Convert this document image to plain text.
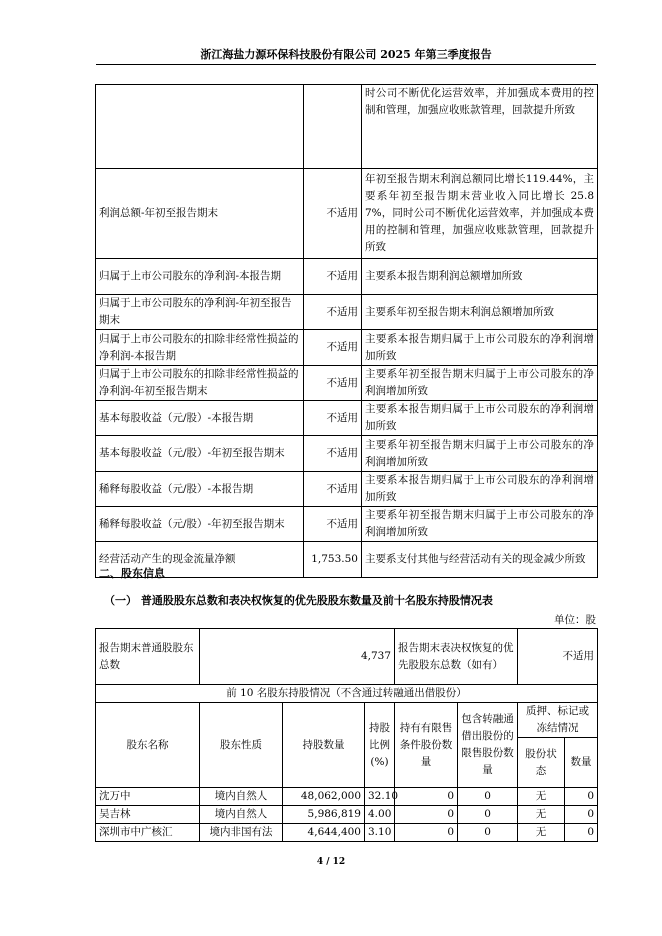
浙江海盐力源环保科技股份有限公司 2025 年第三季度报告
		时公司不断优化运营效率，并加强成本费用的控制和管理，加强应收账款管理，回款提升所致
利润总额-年初至报告期末	不适用	年初至报告期末利润总额同比增长119.44%，主要系年初至报告期末营业收入同比增长 25.87%，同时公司不断优化运营效率，并加强成本费用的控制和管理，加强应收账款管理，回款提升所致
归属于上市公司股东的净利润-本报告期	不适用	主要系本报告期利润总额增加所致
归属于上市公司股东的净利润-年初至报告期末	不适用	主要系年初至报告期末利润总额增加所致
归属于上市公司股东的扣除非经常性损益的净利润-本报告期	不适用	主要系本报告期归属于上市公司股东的净利润增加所致
归属于上市公司股东的扣除非经常性损益的净利润-年初至报告期末	不适用	主要系年初至报告期末归属于上市公司股东的净利润增加所致
基本每股收益（元/股）-本报告期	不适用	主要系本报告期归属于上市公司股东的净利润增加所致
基本每股收益（元/股）-年初至报告期末	不适用	主要系年初至报告期末归属于上市公司股东的净利润增加所致
稀释每股收益（元/股）-本报告期	不适用	主要系本报告期归属于上市公司股东的净利润增加所致
稀释每股收益（元/股）-年初至报告期末	不适用	主要系年初至报告期末归属于上市公司股东的净利润增加所致
经营活动产生的现金流量净额	1,753.50	主要系支付其他与经营活动有关的现金减少所致
二、股东信息
（一） 普通股股东总数和表决权恢复的优先股股东数量及前十名股东持股情况表
单位：股
报告期末普通股股东总数	4,737			报告期末表决权恢复的优先股股东总数（如有）		不适用	
前 10 名股东持股情况（不含通过转融通出借股份）							
股东名称	股东性质	持股数量	持股比例(%)	持有有限售条件股份数量	包含转融通借出股份的限售股份数量	质押、标记或冻结情况	
						股份状态	数量
沈万中	境内自然人	48,062,000	32.10	0	0	无	0
吴吉林	境内自然人	5,986,819	4.00	0	0	无	0
深圳市中广核汇	境内非国有法	4,644,400	3.10	0	0	无	0
4 / 12
